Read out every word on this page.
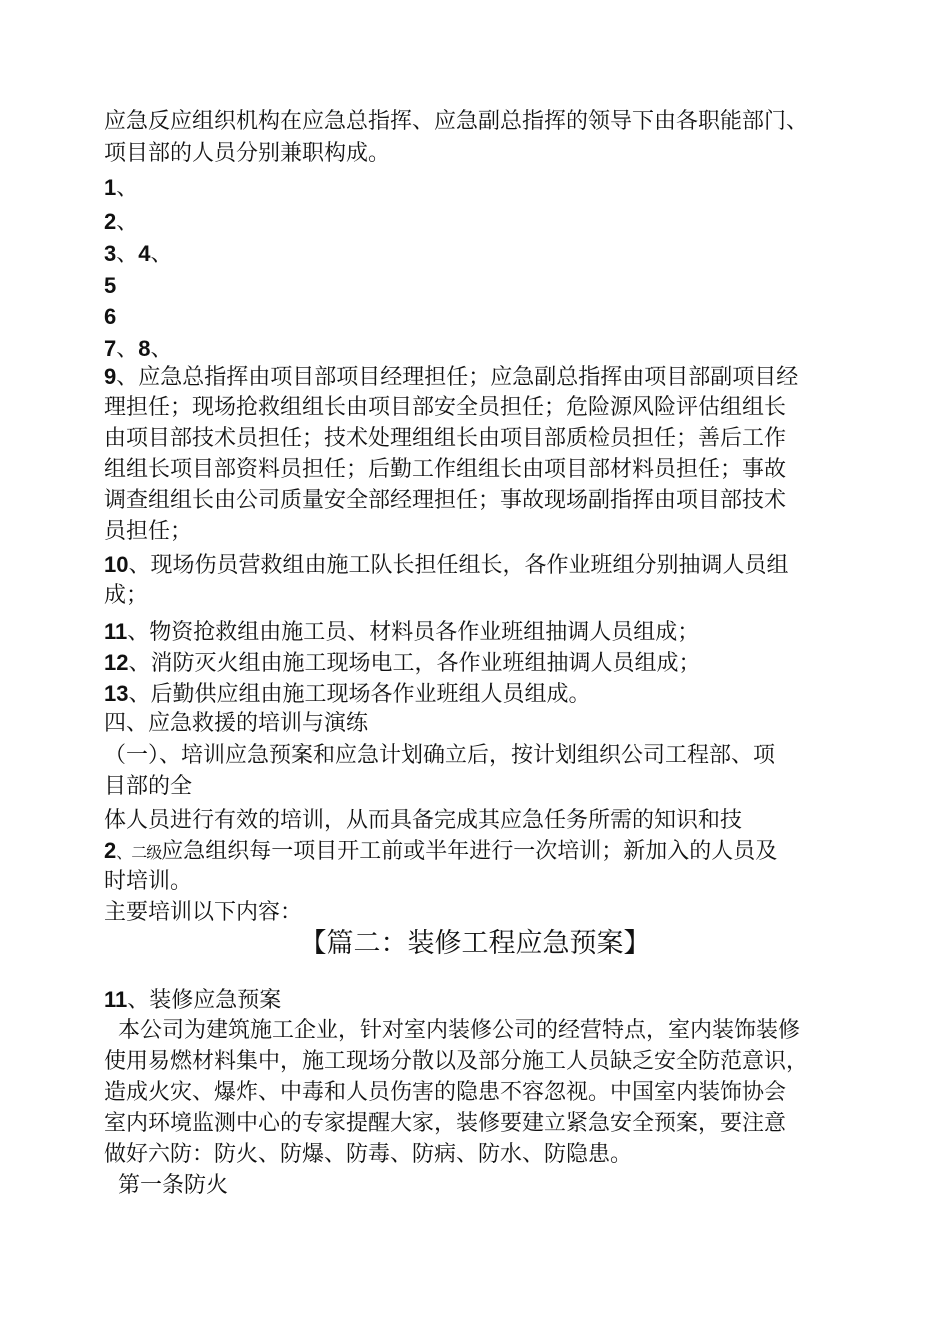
应急反应组织机构在应急总指挥、应急副总指挥的领导下由各职能部门、

项目部的人员分别兼职构成。

1、

2、

3、4、

5

6

7、8、

9、应急总指挥由项目部项目经理担任；应急副总指挥由项目部副项目经

理担任；现场抢救组组长由项目部安全员担任；危险源风险评估组组长

由项目部技术员担任；技术处理组组长由项目部质检员担任；善后工作

组组长项目部资料员担任；后勤工作组组长由项目部材料员担任；事故

调查组组长由公司质量安全部经理担任；事故现场副指挥由项目部技术

员担任；

10、现场伤员营救组由施工队长担任组长，各作业班组分别抽调人员组

成；

11、物资抢救组由施工员、材料员各作业班组抽调人员组成；

12、消防灭火组由施工现场电工，各作业班组抽调人员组成；

13、后勤供应组由施工现场各作业班组人员组成。

四、应急救援的培训与演练

（一）、培训应急预案和应急计划确立后，按计划组织公司工程部、项

目部的全

体人员进行有效的培训，从而具备完成其应急任务所需的知识和技

2、二级应急组织每一项目开工前或半年进行一次培训；新加入的人员及

时培训。

主要培训以下内容：

【篇二：装修工程应急预案】

11、装修应急预案

本公司为建筑施工企业，针对室内装修公司的经营特点，室内装饰装修

使用易燃材料集中，施工现场分散以及部分施工人员缺乏安全防范意识，

造成火灾、爆炸、中毒和人员伤害的隐患不容忽视。中国室内装饰协会

室内环境监测中心的专家提醒大家，装修要建立紧急安全预案，要注意

做好六防：防火、防爆、防毒、防病、防水、防隐患。

第一条防火
